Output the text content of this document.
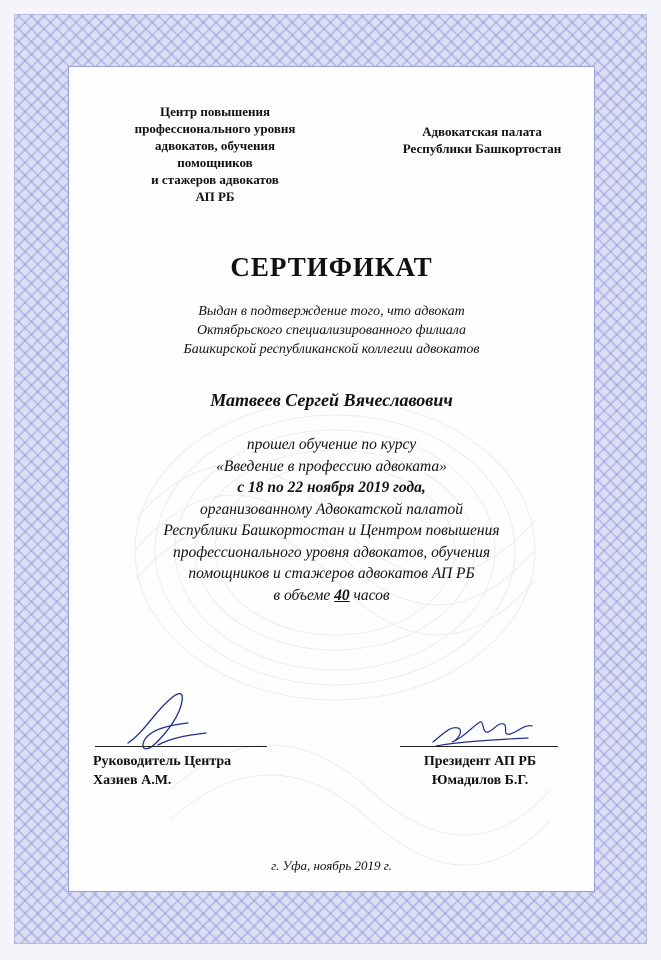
Центр повышения
профессионального уровня
адвокатов, обучения
помощников
и стажеров адвокатов
АП РБ
Адвокатская палата
Республики Башкортостан
СЕРТИФИКАТ
Выдан в подтверждение того, что адвокат
Октябрьского специализированного филиала
Башкирской республиканской коллегии адвокатов
Матвеев Сергей Вячеславович
прошел обучение по курсу
«Введение в профессию адвоката»
с 18 по 22 ноября 2019 года,
организованному Адвокатской палатой
Республики Башкортостан и Центром повышения
профессионального уровня адвокатов, обучения
помощников и стажеров адвокатов АП РБ
в объеме 40 часов
Руководитель Центра
Хазиев А.М.
Президент АП РБ
Юмадилов Б.Г.
г. Уфа, ноябрь 2019 г.
